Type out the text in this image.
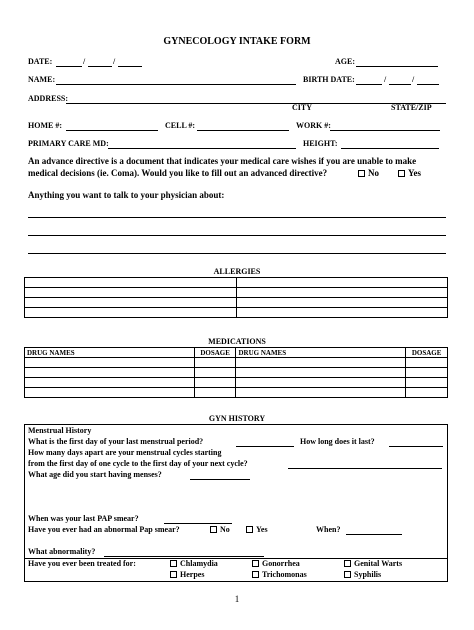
GYNECOLOGY INTAKE FORM
DATE:	/	/	AGE:
NAME:	BIRTH DATE:	/	/
ADDRESS:
CITY	STATE/ZIP
HOME #:	CELL #:	WORK #:
PRIMARY CARE MD:	HEIGHT:
An advance directive is a document that indicates your medical care wishes if you are unable to make
medical decisions (ie. Coma). Would you like to fill out an advanced directive?	No	Yes
Anything you want to talk to your physician about:
ALLERGIES

MEDICATIONS
DRUG NAMES	DOSAGE	DRUG NAMES	DOSAGE

GYN HISTORY
Menstrual History
What is the first day of your last menstrual period?	How long does it last?
How many days apart are your menstrual cycles starting
from the first day of one cycle to the first day of your next cycle?
What age did you start having menses?
When was your last PAP smear?
Have you ever had an abnormal Pap smear?	No	Yes	When?
What abnormality?
Have you ever been treated for:	Chlamydia	Gonorrhea	Genital Warts
Herpes	Trichomonas	Syphilis
1
